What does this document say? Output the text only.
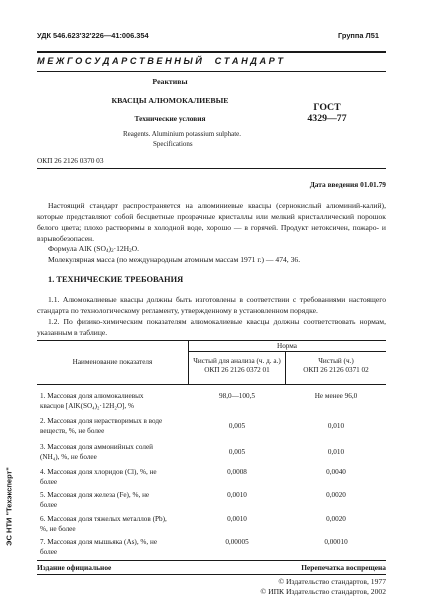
УДК 546.623'32'226—41:006.354	Группа Л51
М Е Ж Г О С У Д А Р С Т В Е Н Н Ы Й     С Т А Н Д А Р Т
Реактивы
КВАСЦЫ АЛЮМОКАЛИЕВЫЕ
Технические условия
Reagents. Aluminium potassium sulphate.
Specifications
ГОСТ
4329—77
ОКП 26 2126 0370 03
Дата введения 01.01.79
Настоящий стандарт распространяется на алюминиевые квасцы (сернокислый алюминий-калий), которые представляют собой бесцветные прозрачные кристаллы или мелкий кристаллический порошок белого цвета; плохо растворимы в холодной воде, хорошо — в горячей. Продукт нетоксичен, пожаро- и взрывобезопасен.
Формула AlK $(SO_4)_2\cdot 12H_2O$.
Молекулярная масса (по международным атомным массам 1971 г.) — 474, 36.
1. ТЕХНИЧЕСКИЕ ТРЕБОВАНИЯ
1.1. Алюмокалиевые квасцы должны быть изготовлены в соответствии с требованиями настоящего стандарта по технологическому регламенту, утвержденному в установленном порядке.
1.2. По физико-химическим показателям алюмокалиевые квасцы должны соответствовать нормам, указанным в таблице.
Норма
Наименование показателя	Чистый для анализа (ч. д. а.)
ОКП 26 2126 0372 01
Чистый (ч.)
ОКП 26 2126 0371 02
1. Массовая доля алюмокалиевых
квасцов [AlK(SO₄)₂·12H₂O], %
98,0—100,5	Не менее 96,0
2. Массовая доля нерастворимых в воде
веществ, %, не более
0,005	0,010
3. Массовая доля аммонийных солей
(NH₄), %, не более
0,005	0,010
4. Массовая доля хлоридов (Cl), %, не
более
0,0008	0,0040
5. Массовая доля железа (Fe), %, не
более
0,0010	0,0020
6. Массовая доля тяжелых металлов (Pb),
%, не более
0,0010	0,0020
7. Массовая доля мышьяка (As), %, не
более
0,00005	0,00010
Издание официальное	Перепечатка воспрещена
© Издательство стандартов, 1977
© ИПК Издательство стандартов, 2002
ЭС НТИ "Техэксперт"
